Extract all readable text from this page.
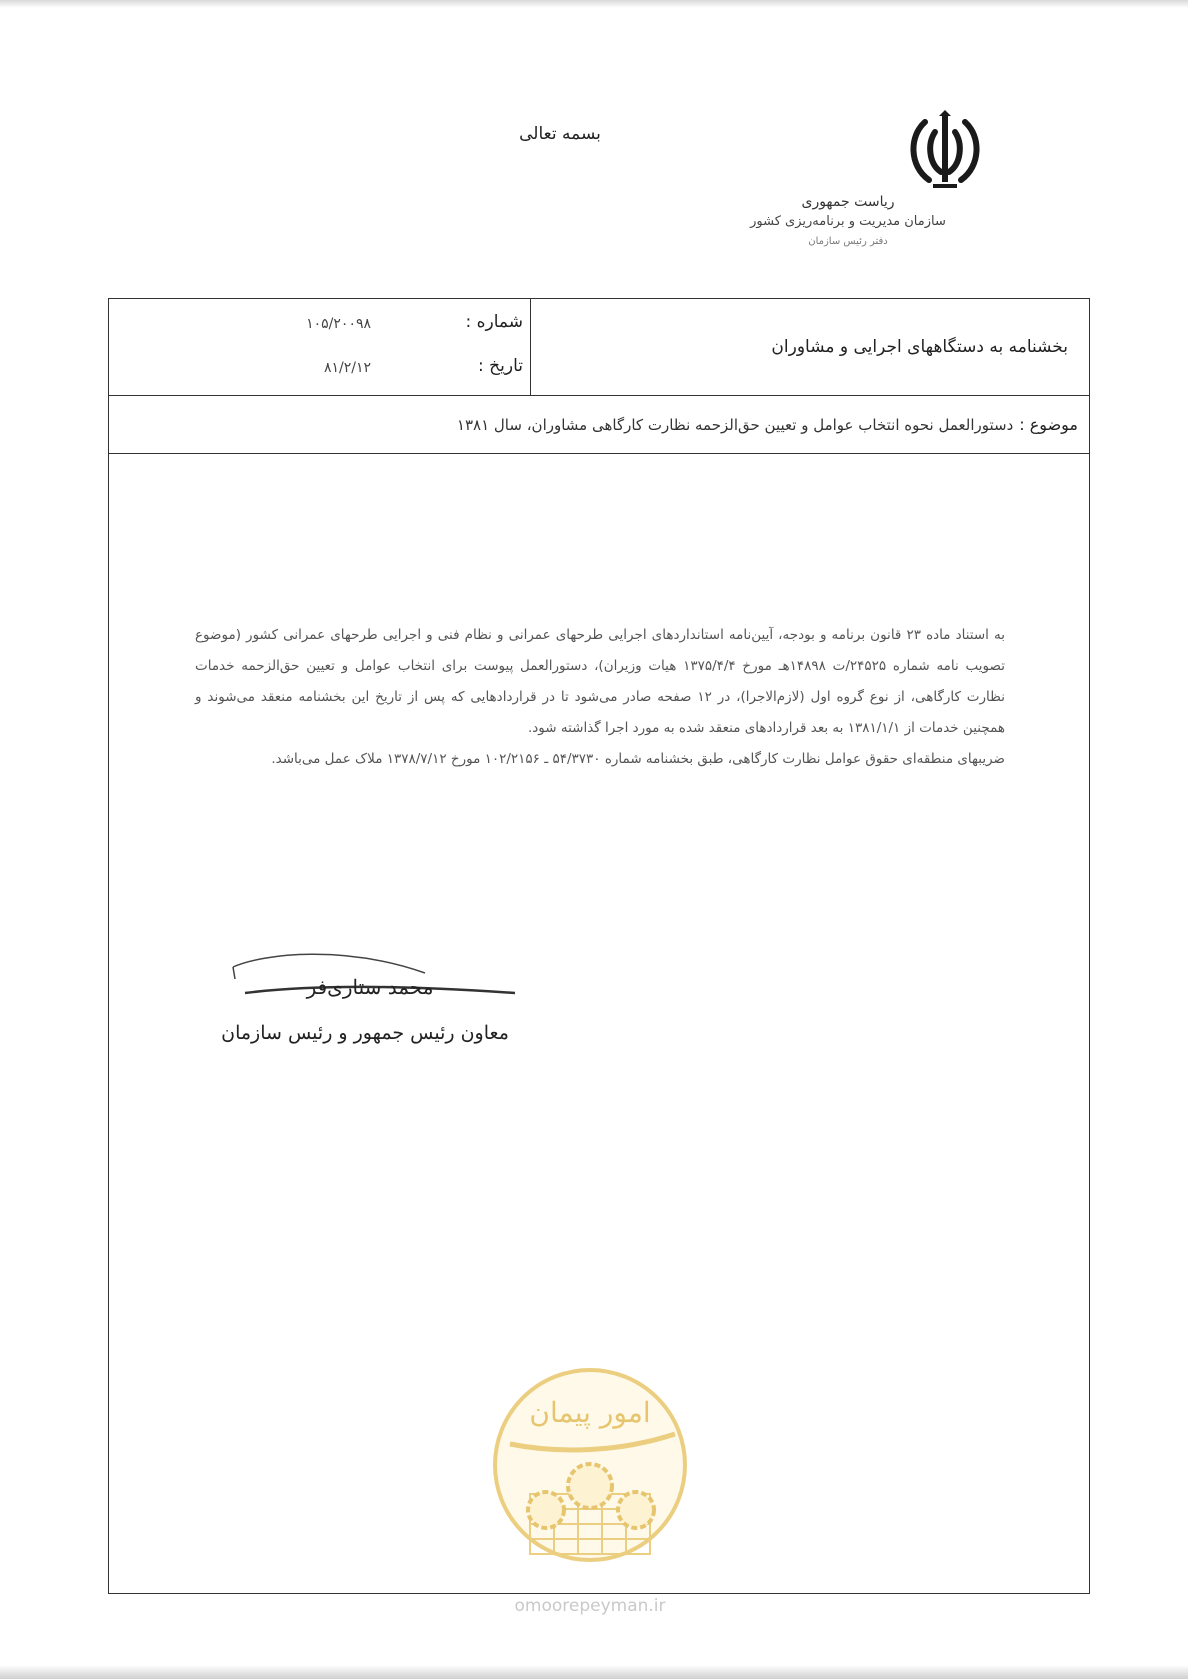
بسمه تعالی
ریاست جمهوری
سازمان مدیریت و برنامه‌ریزی کشور
دفتر رئیس سازمان
بخشنامه به دستگاههای اجرایی و مشاوران
شماره :
۱۰۵/۲۰۰۹۸
تاریخ :
۸۱/۲/۱۲
موضوع :
دستورالعمل نحوه انتخاب عوامل و تعیین حق‌الزحمه نظارت کارگاهی مشاوران، سال ۱۳۸۱

به استناد ماده ۲۳ قانون برنامه و بودجه، آیین‌نامه استانداردهای اجرایی طرحهای عمرانی و نظام فنی و اجرایی طرحهای عمرانی کشور (موضوع تصویب نامه شماره ۲۴۵۲۵/ت ۱۴۸۹۸هـ مورخ ۱۳۷۵/۴/۴ هیات وزیران)، دستورالعمل پیوست برای انتخاب عوامل و تعیین حق‌الزحمه خدمات نظارت کارگاهی، از نوع گروه اول (لازم‌الاجرا)، در ۱۲ صفحه صادر می‌شود تا در قراردادهایی که پس از تاریخ این بخشنامه منعقد می‌شوند و همچنین خدمات از ۱۳۸۱/۱/۱ به بعد قراردادهای منعقد شده به مورد اجرا گذاشته شود.

ضریبهای منطقه‌ای حقوق عوامل نظارت کارگاهی، طبق بخشنامه شماره ۵۴/۳۷۳۰ ـ ۱۰۲/۲۱۵۶ مورخ ۱۳۷۸/۷/۱۲ ملاک عمل می‌باشد.

محمد ستاری‌فر
معاون رئیس جمهور و رئیس سازمان
امور پیمان
omoorepeyman.ir
